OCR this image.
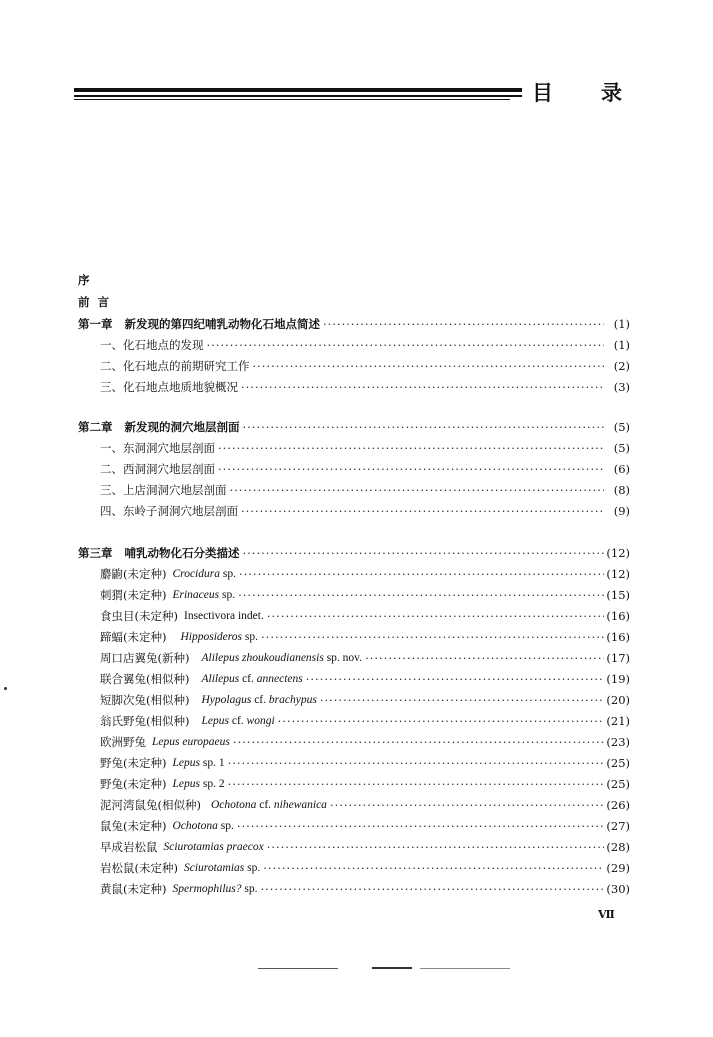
目 录
序
前  言
第一章 新发现的第四纪哺乳动物化石地点简述	(1)
·····
一、化石地点的发现	(1)
·····
二、化石地点的前期研究工作	(2)
·····
三、化石地点地质地貌概况	(3)
·····
第二章 新发现的洞穴地层剖面	(5)
·····
一、东洞洞穴地层剖面	(5)
·····
二、西洞洞穴地层剖面	(6)
·····
三、上店洞洞穴地层剖面	(8)
·····
四、东岭子洞洞穴地层剖面	(9)
·····
第三章 哺乳动物化石分类描述	(12)
·····
麝鼩(未定种) Crocidura sp.	(12)
·····
刺猬(未定种) Erinaceus sp.	(15)
·····
食虫目(未定种) Insectivora indet.	(16)
·····
蹄蝠(未定种) Hipposideros sp.	(16)
·····
周口店翼兔(新种) Alilepus zhoukoudianensis sp. nov.	(17)
·····
联合翼兔(相似种) Alilepus cf. annectens	(19)
·····
短脚次兔(相似种) Hypolagus cf. brachypus	(20)
·····
翁氏野兔(相似种) Lepus cf. wongi	(21)
·····
欧洲野兔 Lepus europaeus	(23)
·····
野兔(未定种) Lepus sp. 1	(25)
·····
野兔(未定种) Lepus sp. 2	(25)
·····
泥河湾鼠兔(相似种) Ochotona cf. nihewanica	(26)
·····
鼠兔(未定种) Ochotona sp.	(27)
·····
早成岩松鼠 Sciurotamias praecox	(28)
·····
岩松鼠(未定种) Sciurotamias sp.	(29)
·····
黄鼠(未定种) Spermophilus? sp.	(30)
·····
Ⅶ
